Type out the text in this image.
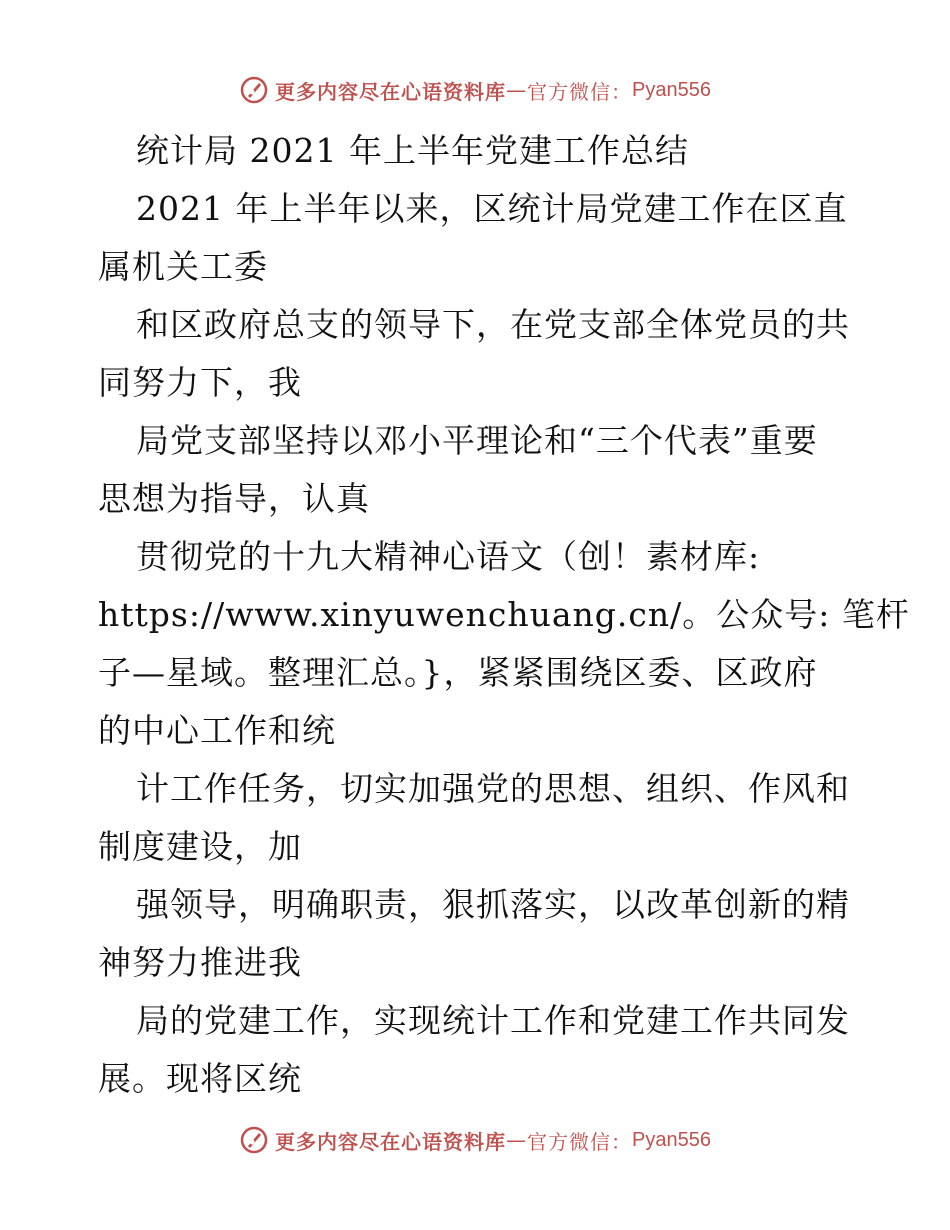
更多内容尽在心语资料库 — 官方微信： Pyan556
统计局 2021 年上半年党建工作总结
2021 年上半年以来，区统计局党建工作在区直
属机关工委
和区政府总支的领导下，在党支部全体党员的共
同努力下，我
局党支部坚持以邓小平理论和“三个代表”重要
思想为指导，认真
贯彻党的十九大精神心语文（创！素材库:
https://www.xinyuwenchuang.cn/。公众号: 笔杆
子—星域。整理汇总。}，紧紧围绕区委、区政府
的中心工作和统
计工作任务，切实加强党的思想、组织、作风和
制度建设，加
强领导，明确职责，狠抓落实，以改革创新的精
神努力推进我
局的党建工作，实现统计工作和党建工作共同发
展。现将区统
更多内容尽在心语资料库 — 官方微信： Pyan556
